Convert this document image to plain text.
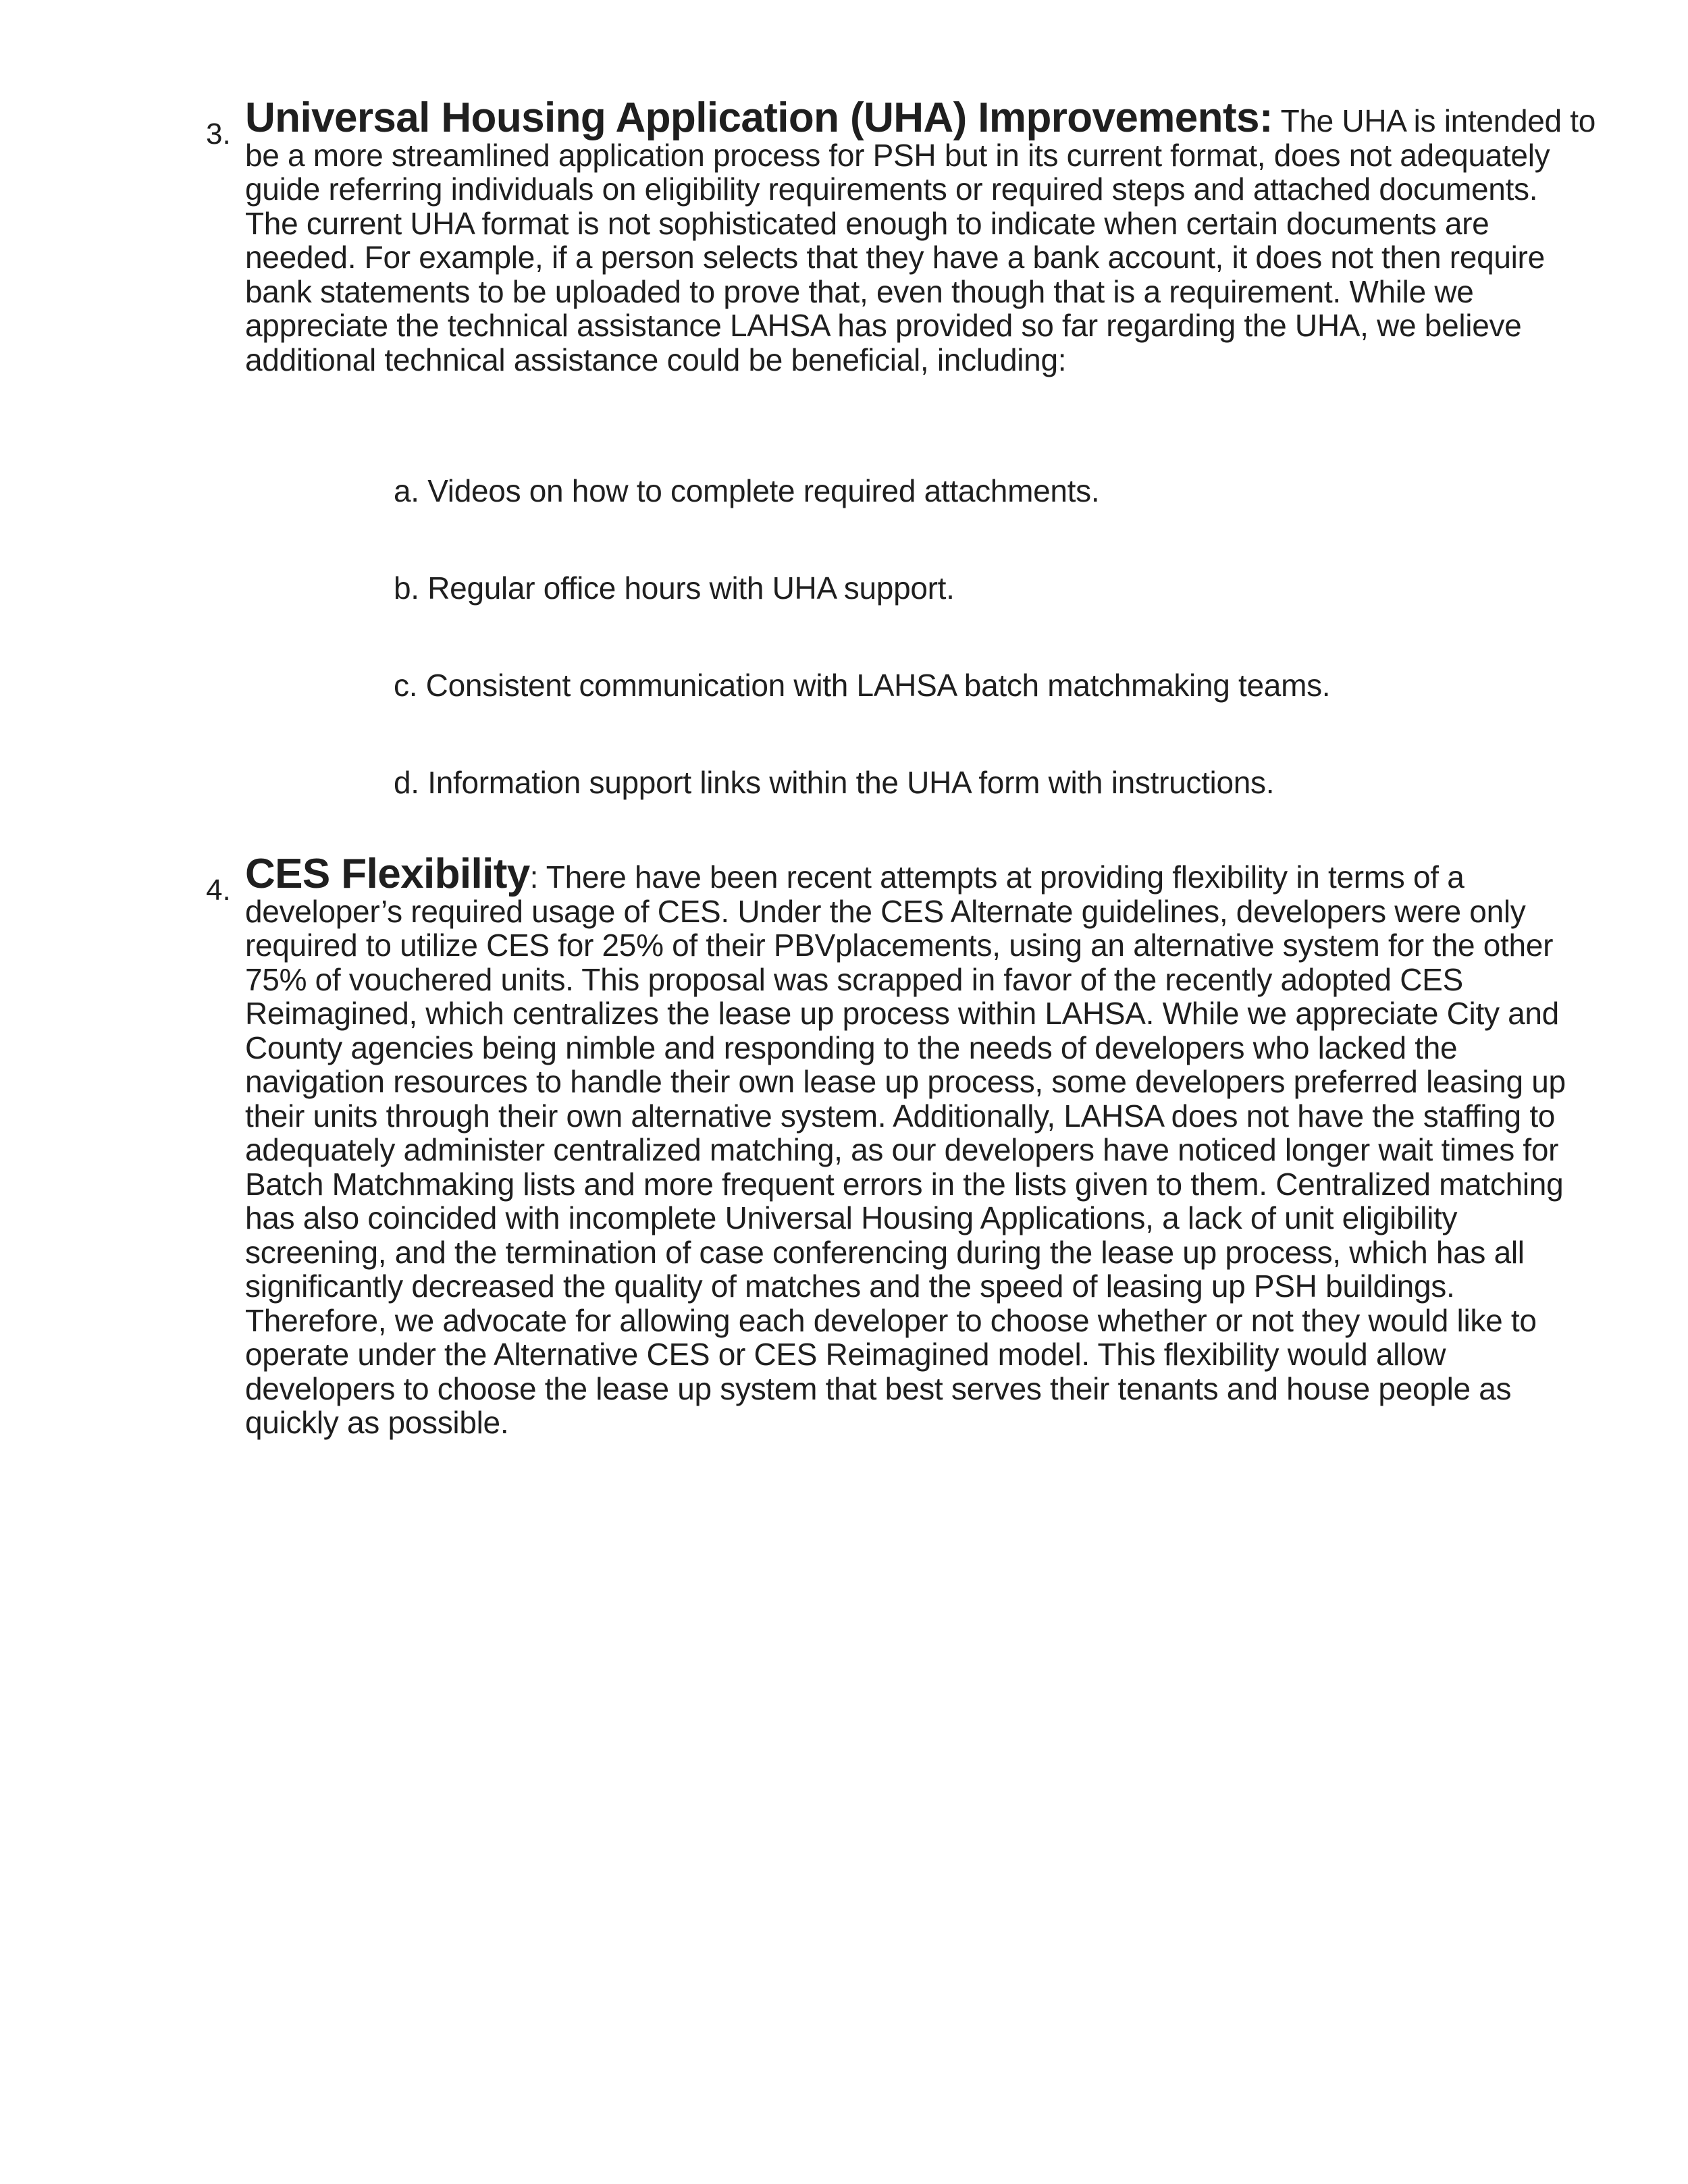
3. Universal Housing Application (UHA) Improvements: The UHA is intended to be a more streamlined application process for PSH but in its current format, does not adequately guide referring individuals on eligibility requirements or required steps and attached documents. The current UHA format is not sophisticated enough to indicate when certain documents are needed. For example, if a person selects that they have a bank account, it does not then require bank statements to be uploaded to prove that, even though that is a requirement. While we appreciate the technical assistance LAHSA has provided so far regarding the UHA, we believe additional technical assistance could be beneficial, including:
a. Videos on how to complete required attachments.
b. Regular office hours with UHA support.
c. Consistent communication with LAHSA batch matchmaking teams.
d. Information support links within the UHA form with instructions.
4. CES Flexibility: There have been recent attempts at providing flexibility in terms of a developer’s required usage of CES. Under the CES Alternate guidelines, developers were only required to utilize CES for 25% of their PBVplacements, using an alternative system for the other 75% of vouchered units. This proposal was scrapped in favor of the recently adopted CES Reimagined, which centralizes the lease up process within LAHSA. While we appreciate City and County agencies being nimble and responding to the needs of developers who lacked the navigation resources to handle their own lease up process, some developers preferred leasing up their units through their own alternative system. Additionally, LAHSA does not have the staffing to adequately administer centralized matching, as our developers have noticed longer wait times for Batch Matchmaking lists and more frequent errors in the lists given to them. Centralized matching has also coincided with incomplete Universal Housing Applications, a lack of unit eligibility screening, and the termination of case conferencing during the lease up process, which has all significantly decreased the quality of matches and the speed of leasing up PSH buildings. Therefore, we advocate for allowing each developer to choose whether or not they would like to operate under the Alternative CES or CES Reimagined model. This flexibility would allow developers to choose the lease up system that best serves their tenants and house people as quickly as possible.
